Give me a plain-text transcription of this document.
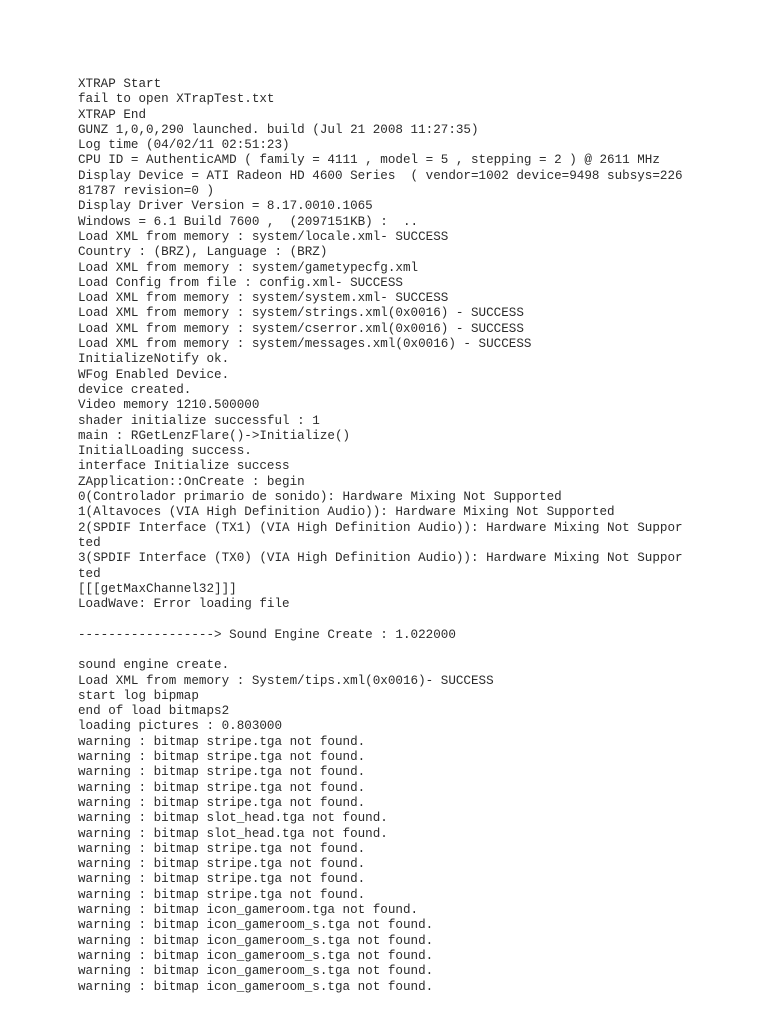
XTRAP Start
fail to open XTrapTest.txt
XTRAP End
GUNZ 1,0,0,290 launched. build (Jul 21 2008 11:27:35)
Log time (04/02/11 02:51:23)
CPU ID = AuthenticAMD ( family = 4111 , model = 5 , stepping = 2 ) @ 2611 MHz
Display Device = ATI Radeon HD 4600 Series  ( vendor=1002 device=9498 subsys=226
81787 revision=0 )
Display Driver Version = 8.17.0010.1065
Windows = 6.1 Build 7600 ,  (2097151KB) :  ..
Load XML from memory : system/locale.xml- SUCCESS
Country : (BRZ), Language : (BRZ)
Load XML from memory : system/gametypecfg.xml
Load Config from file : config.xml- SUCCESS
Load XML from memory : system/system.xml- SUCCESS
Load XML from memory : system/strings.xml(0x0016) - SUCCESS
Load XML from memory : system/cserror.xml(0x0016) - SUCCESS
Load XML from memory : system/messages.xml(0x0016) - SUCCESS
InitializeNotify ok.
WFog Enabled Device.
device created.
Video memory 1210.500000
shader initialize successful : 1
main : RGetLenzFlare()->Initialize()
InitialLoading success.
interface Initialize success
ZApplication::OnCreate : begin
0(Controlador primario de sonido): Hardware Mixing Not Supported
1(Altavoces (VIA High Definition Audio)): Hardware Mixing Not Supported
2(SPDIF Interface (TX1) (VIA High Definition Audio)): Hardware Mixing Not Suppor
ted
3(SPDIF Interface (TX0) (VIA High Definition Audio)): Hardware Mixing Not Suppor
ted
[[[getMaxChannel32]]]
LoadWave: Error loading file
------------------> Sound Engine Create : 1.022000
sound engine create.
Load XML from memory : System/tips.xml(0x0016)- SUCCESS
start log bipmap
end of load bitmaps2
loading pictures : 0.803000
warning : bitmap stripe.tga not found.
warning : bitmap stripe.tga not found.
warning : bitmap stripe.tga not found.
warning : bitmap stripe.tga not found.
warning : bitmap stripe.tga not found.
warning : bitmap slot_head.tga not found.
warning : bitmap slot_head.tga not found.
warning : bitmap stripe.tga not found.
warning : bitmap stripe.tga not found.
warning : bitmap stripe.tga not found.
warning : bitmap stripe.tga not found.
warning : bitmap icon_gameroom.tga not found.
warning : bitmap icon_gameroom_s.tga not found.
warning : bitmap icon_gameroom_s.tga not found.
warning : bitmap icon_gameroom_s.tga not found.
warning : bitmap icon_gameroom_s.tga not found.
warning : bitmap icon_gameroom_s.tga not found.
